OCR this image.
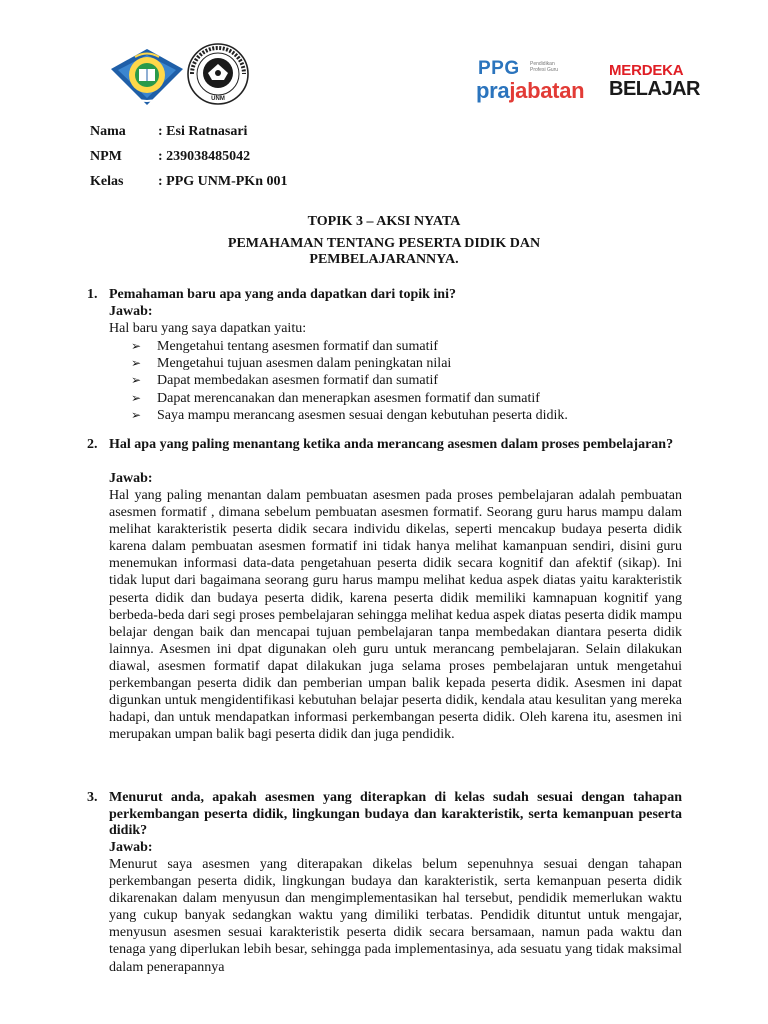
UNM
PPG Pendidikan Profesi Guru
prajabatan
MERDEKA
BELAJAR
Nama : Esi Ratnasari
NPM	: 239038485042
Kelas : PPG UNM-PKn 001
TOPIK 3 – AKSI NYATA
PEMAHAMAN TENTANG PESERTA DIDIK DAN
PEMBELAJARANNYA.
1. Pemahaman baru apa yang anda dapatkan dari topik ini?
Jawab:
Hal baru yang saya dapatkan yaitu:
➢ Mengetahui tentang asesmen formatif dan sumatif
➢ Mengetahui tujuan asesmen dalam peningkatan nilai
➢ Dapat membedakan asesmen formatif dan sumatif
➢ Dapat merencanakan dan menerapkan asesmen formatif dan sumatif
➢ Saya mampu merancang asesmen sesuai dengan kebutuhan peserta didik.
2. Hal apa yang paling menantang ketika anda merancang asesmen dalam proses pembelajaran?
Jawab:
Hal yang paling menantan dalam pembuatan asesmen pada proses pembelajaran adalah pembuatan asesmen formatif , dimana sebelum pembuatan asesmen formatif. Seorang guru harus mampu dalam melihat karakteristik peserta didik secara individu dikelas, seperti mencakup budaya peserta didik karena dalam pembuatan asesmen formatif ini tidak hanya melihat kamanpuan sendiri, disini guru menemukan informasi data-data pengetahuan peserta didik secara kognitif dan afektif (sikap). Ini tidak luput dari bagaimana seorang guru harus mampu melihat kedua aspek diatas yaitu karakteristik peserta didik dan budaya peserta didik, karena peserta didik memiliki kamnapuan kognitif yang berbeda-beda dari segi proses pembelajaran sehingga melihat kedua aspek diatas peserta didik mampu belajar dengan baik dan mencapai tujuan pembelajaran tanpa membedakan diantara peserta didik lainnya. Asesmen ini dpat digunakan oleh guru untuk merancang pembelajaran. Selain dilakukan diawal, asesmen formatif dapat dilakukan juga selama proses pembelajaran untuk mengetahui perkembangan peserta didik dan pemberian umpan balik kepada peserta didik. Asesmen ini dapat digunkan untuk mengidentifikasi kebutuhan belajar peserta didik, kendala atau kesulitan yang mereka hadapi, dan untuk mendapatkan informasi perkembangan peserta didik. Oleh karena itu, asesmen ini merupakan umpan balik bagi peserta didik dan juga pendidik.
3. Menurut anda, apakah asesmen yang diterapkan di kelas sudah sesuai dengan tahapan perkembangan peserta didik, lingkungan budaya dan karakteristik, serta kemanpuan peserta didik?
Jawab:
Menurut saya asesmen yang diterapakan dikelas belum sepenuhnya sesuai dengan tahapan perkembangan peserta didik, lingkungan budaya dan karakteristik, serta kemanpuan peserta didik dikarenakan dalam menyusun dan mengimplementasikan hal tersebut, pendidik memerlukan waktu yang cukup banyak sedangkan waktu yang dimiliki terbatas. Pendidik dituntut untuk mengajar, menyusun asesmen sesuai karakteristik peserta didik secara bersamaan, namun pada waktu dan tenaga yang diperlukan lebih besar, sehingga pada implementasinya, ada sesuatu yang tidak maksimal dalam penerapannya
